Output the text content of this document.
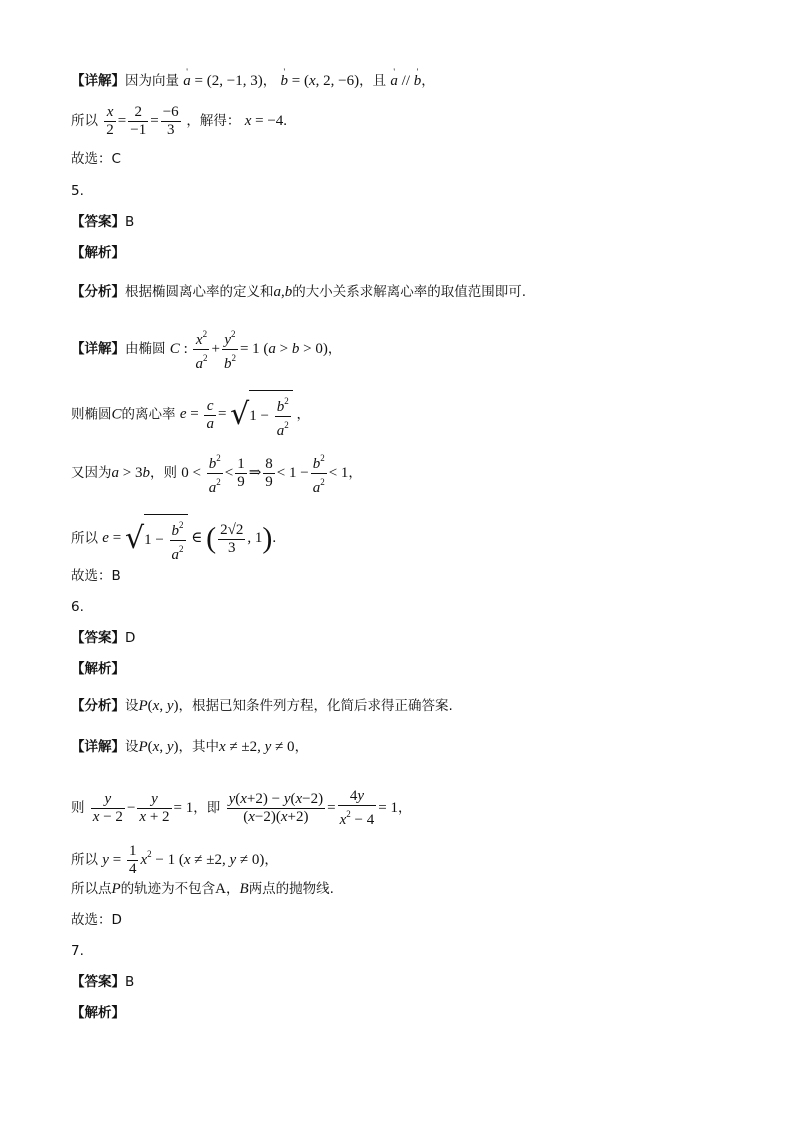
【详解】因为向量 ' a = (2, −1, 3)， ' b = (x, 2, −6)，且 ' a // ' b，
所以 $\frac{x}{2} = \frac{2}{-1} = \frac{-6}{3}$ ，解得： x = −4.
故选：C
5.
【答案】B
【解析】
【分析】根据椭圆离心率的定义和a,b的大小关系求解离心率的取值范围即可.
【详解】由椭圆 C : $\frac{x^2}{a^2} + \frac{y^2}{b^2} = 1$ (a > b > 0)，
则椭圆C的离心率 $e = \frac{c}{a} = √1 - \frac{b^2}{a^2}$ ，
又因为a > 3b，则 $0 < \frac{b^2}{a^2} < \frac{1}{9}$ ⇒ $\frac{8}{9} < 1 - \frac{b^2}{a^2} < 1$，
所以 $e = √1 - \frac{b^2}{a^2}$ ∈ ( $\frac{2√2}{3}$ , 1).
故选：B
6.
【答案】D
【解析】
【分析】设P(x, y)，根据已知条件列方程，化简后求得正确答案.
【详解】设P(x, y)，其中x ≠ ±2, y ≠ 0，
则 $\frac{y}{x - 2} - \frac{y}{x + 2} = 1$，即 $\frac{y(x+2) - y(x-2)}{(x-2)(x+2)} = \frac{4y}{x^2 - 4} = 1$，
所以 $y = \frac{1}{4} x^2 - 1$ (x ≠ ±2, y ≠ 0)，
所以点P的轨迹为不包含A，B两点的抛物线.
故选：D
7.
【答案】B
【解析】
